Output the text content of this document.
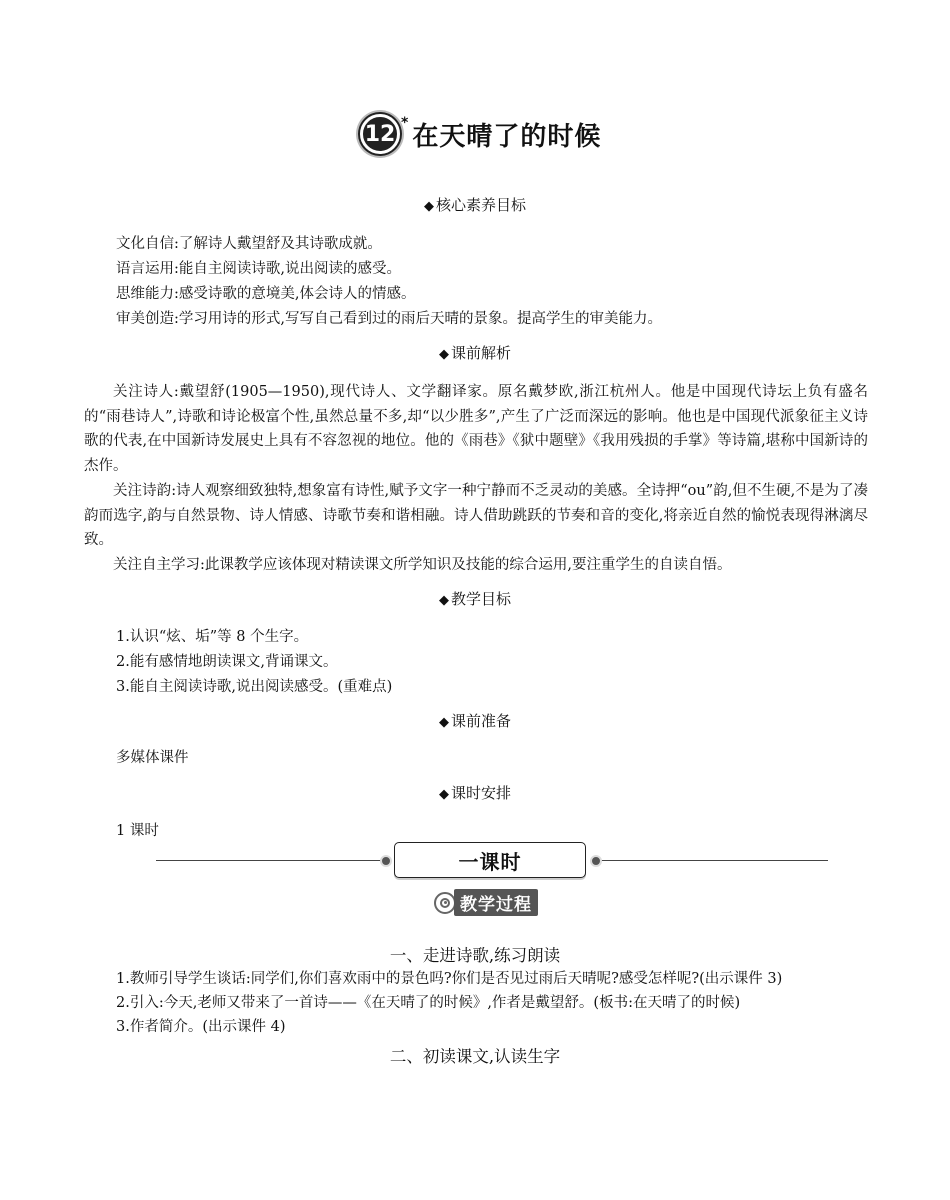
12 * 在天晴了的时候
◆ 核心素养目标
文化自信:了解诗人戴望舒及其诗歌成就。
语言运用:能自主阅读诗歌,说出阅读的感受。
思维能力:感受诗歌的意境美,体会诗人的情感。
审美创造:学习用诗的形式,写写自己看到过的雨后天晴的景象。提高学生的审美能力。
◆ 课前解析
关注诗人:戴望舒(1905—1950),现代诗人、文学翻译家。原名戴梦欧,浙江杭州人。他是中国现代诗坛上负有盛名的“雨巷诗人”,诗歌和诗论极富个性,虽然总量不多,却“以少胜多”,产生了广泛而深远的影响。他也是中国现代派象征主义诗歌的代表,在中国新诗发展史上具有不容忽视的地位。他的《雨巷》《狱中题壁》《我用残损的手掌》等诗篇,堪称中国新诗的杰作。
关注诗韵:诗人观察细致独特,想象富有诗性,赋予文字一种宁静而不乏灵动的美感。全诗押“ou”韵,但不生硬,不是为了凑韵而选字,韵与自然景物、诗人情感、诗歌节奏和谐相融。诗人借助跳跃的节奏和音的变化,将亲近自然的愉悦表现得淋漓尽致。
关注自主学习:此课教学应该体现对精读课文所学知识及技能的综合运用,要注重学生的自读自悟。
◆ 教学目标
1.认识“炫、垢”等 8 个生字。
2.能有感情地朗读课文,背诵课文。
3.能自主阅读诗歌,说出阅读感受。(重难点)
◆ 课前准备
多媒体课件
◆ 课时安排
1 课时
一课时
教学过程
一、走进诗歌,练习朗读
1.教师引导学生谈话:同学们,你们喜欢雨中的景色吗?你们是否见过雨后天晴呢?感受怎样呢?(出示课件 3)
2.引入:今天,老师又带来了一首诗——《在天晴了的时候》,作者是戴望舒。(板书:在天晴了的时候)
3.作者简介。(出示课件 4)
二、初读课文,认读生字
